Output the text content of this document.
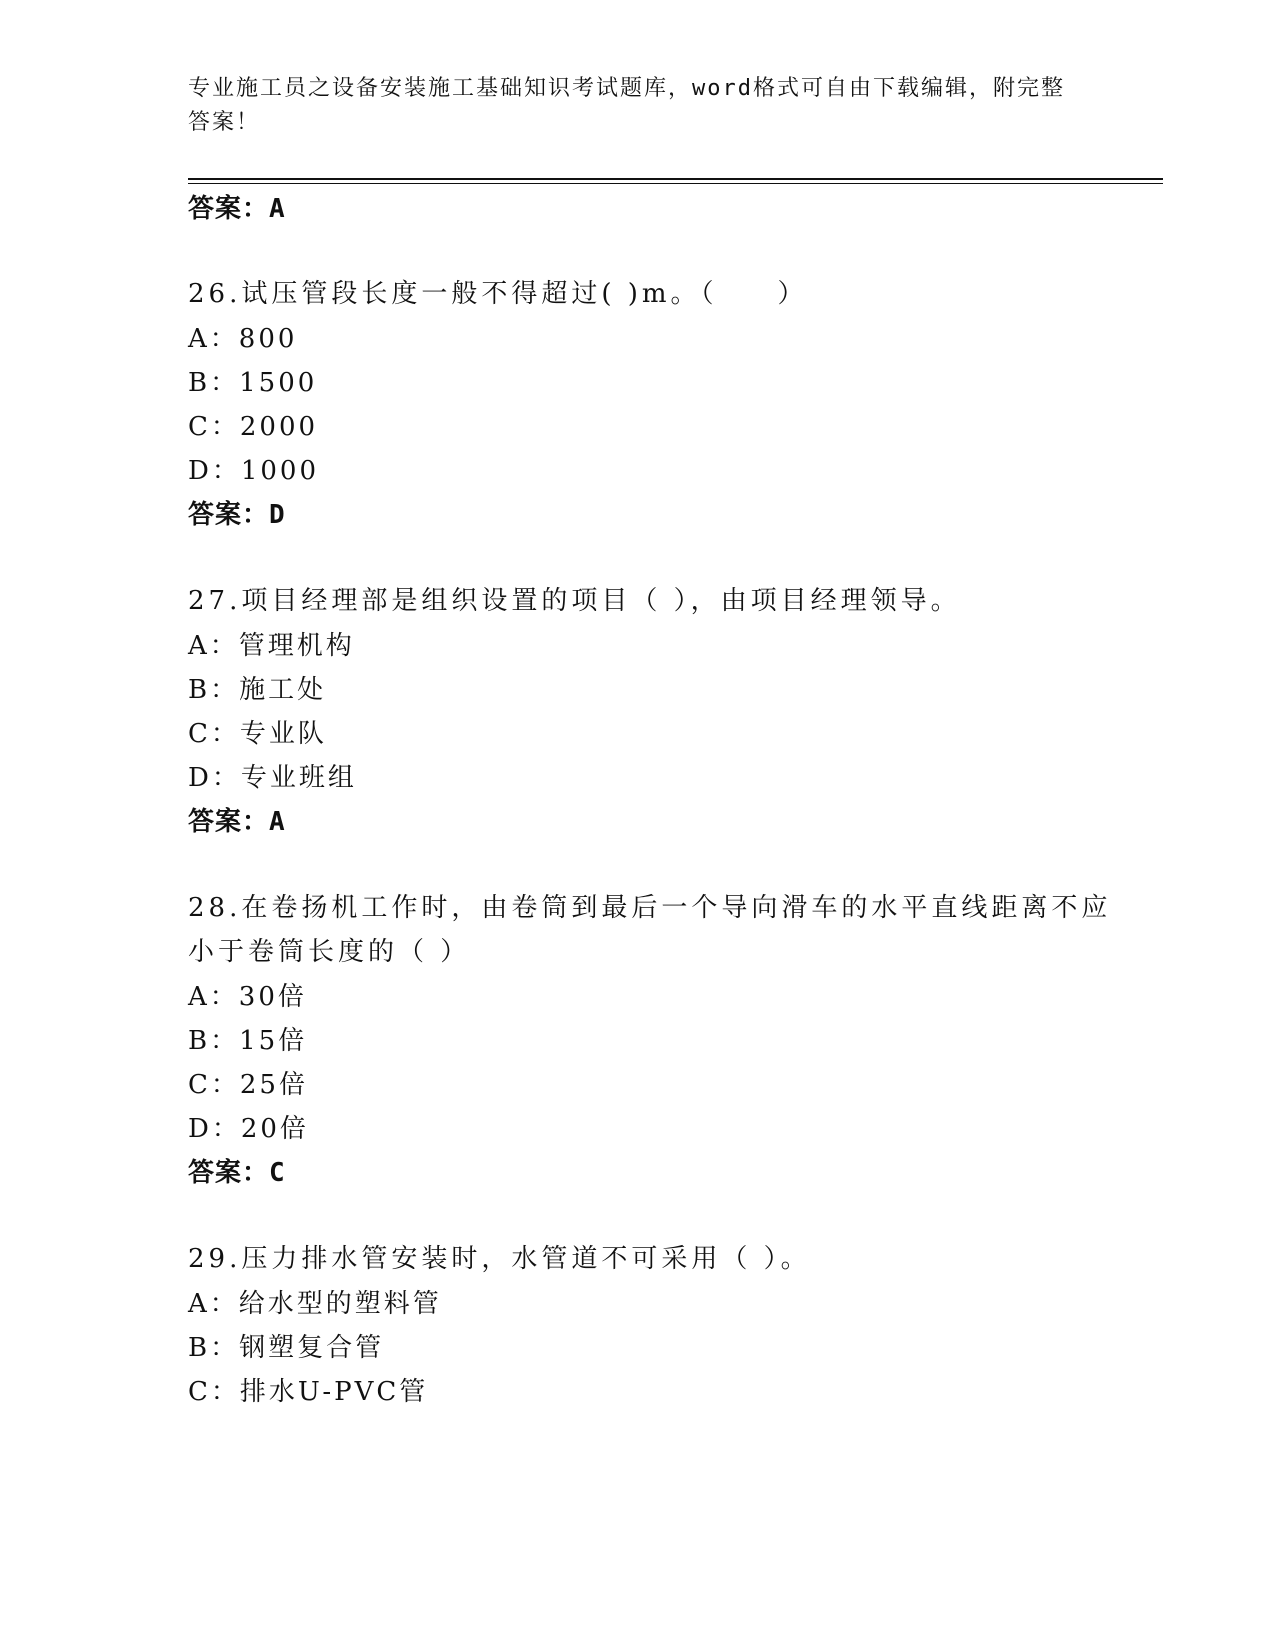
专业施工员之设备安装施工基础知识考试题库，word格式可自由下载编辑，附完整答案！
答案：A
26.试压管段长度一般不得超过( )m。（　　）
A：800
B：1500
C：2000
D：1000
答案：D
27.项目经理部是组织设置的项目（ ），由项目经理领导。
A：管理机构
B：施工处
C：专业队
D：专业班组
答案：A
28.在卷扬机工作时，由卷筒到最后一个导向滑车的水平直线距离不应
小于卷筒长度的（ ）
A：30倍
B：15倍
C：25倍
D：20倍
答案：C
29.压力排水管安装时，水管道不可采用（ ）。
A：给水型的塑料管
B：钢塑复合管
C：排水U-PVC管
